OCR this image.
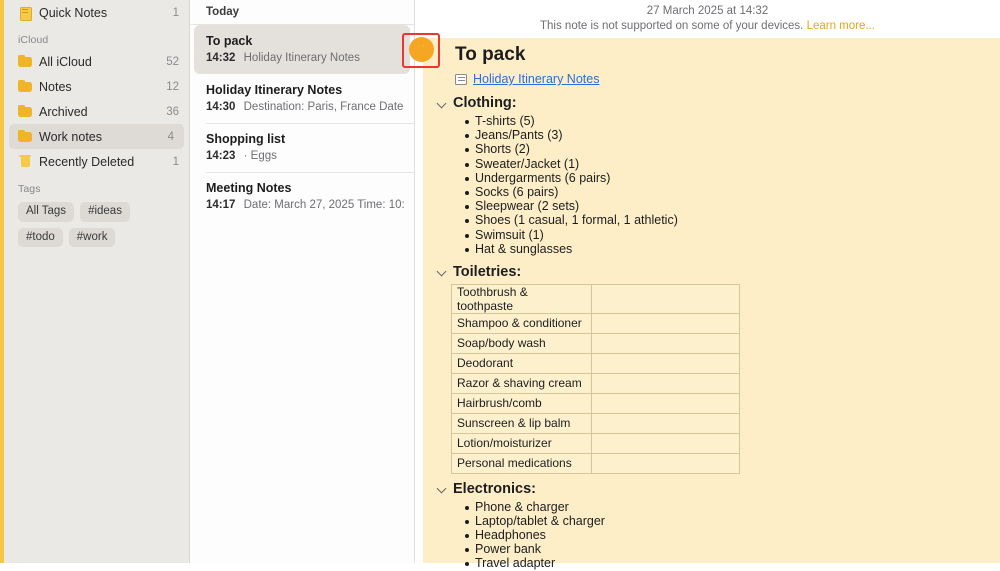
Quick Notes	1
iCloud
All iCloud	52
Notes	12
Archived	36
Work notes	4
Recently Deleted	1
Tags
All Tags	#ideas
#todo	#work
Today
To pack
14:32 Holiday Itinerary Notes
Holiday Itinerary Notes
14:30 Destination: Paris, France Date
Shopping list
14:23 · Eggs
Meeting Notes
14:17 Date: March 27, 2025 Time: 10:
27 March 2025 at 14:32
This note is not supported on some of your devices. Learn more...
To pack
Holiday Itinerary Notes
Clothing:
T-shirts (5)
Jeans/Pants (3)
Shorts (2)
Sweater/Jacket (1)
Undergarments (6 pairs)
Socks (6 pairs)
Sleepwear (2 sets)
Shoes (1 casual, 1 formal, 1 athletic)
Swimsuit (1)
Hat & sunglasses
Toiletries:
Toothbrush & toothpaste	
Shampoo & conditioner	
Soap/body wash	
Deodorant	
Razor & shaving cream	
Hairbrush/comb	
Sunscreen & lip balm	
Lotion/moisturizer	
Personal medications	
Electronics:
Phone & charger
Laptop/tablet & charger
Headphones
Power bank
Travel adapter
